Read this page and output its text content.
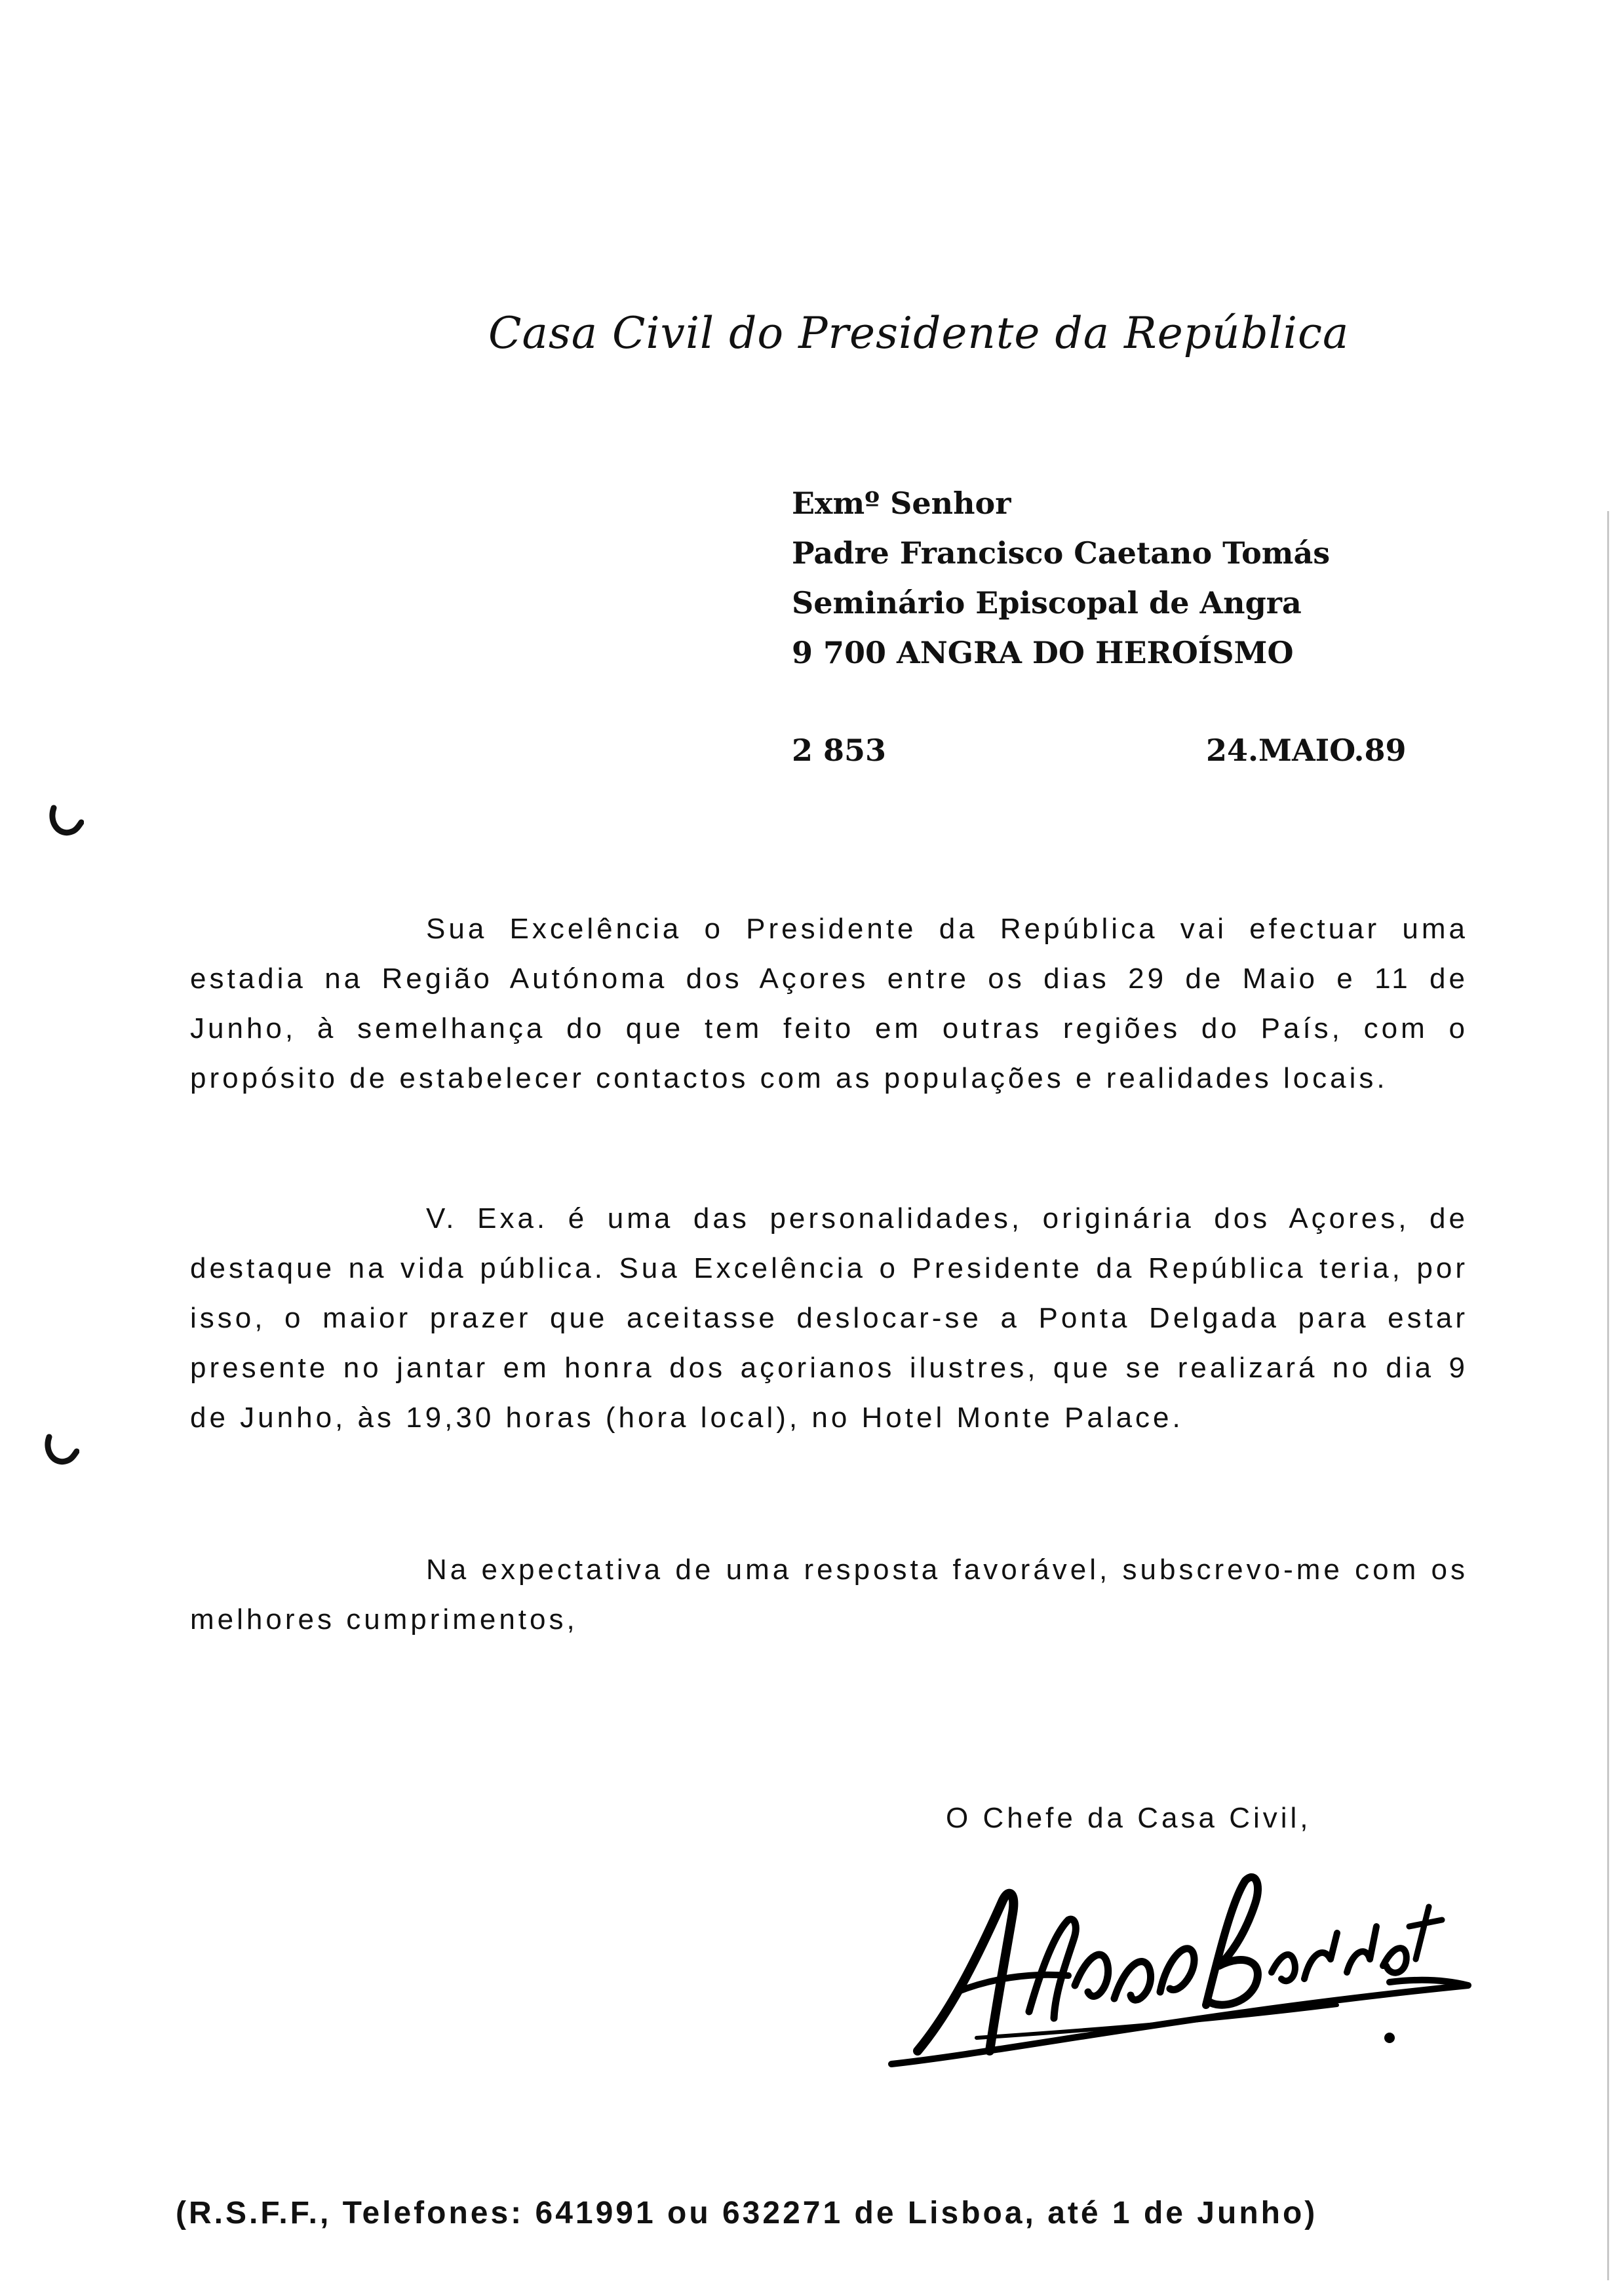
Casa Civil do Presidente da República
Exmº Senhor
Padre Francisco Caetano Tomás
Seminário Episcopal de Angra
9 700 ANGRA DO HEROÍSMO
2 853	24.MAIO.89
Sua Excelência o Presidente da República vai efectuar uma estadia na Região Autónoma dos Açores entre os dias 29 de Maio e 11 de Junho, à semelhança do que tem feito em outras regiões do País, com o propósito de estabelecer contactos com as populações e realidades locais.
V. Exa. é uma das personalidades, originária dos Açores, de destaque na vida pública. Sua Excelência o Presidente da República teria, por isso, o maior prazer que aceitasse deslocar-se a Ponta Delgada para estar presente no jantar em honra dos açorianos ilustres, que se realizará no dia 9 de Junho, às 19,30 horas (hora local), no Hotel Monte Palace.
Na expectativa de uma resposta favorável, subscrevo-me com os melhores cumprimentos,
O Chefe da Casa Civil,
(R.S.F.F., Telefones: 641991 ou 632271 de Lisboa, até 1 de Junho)
